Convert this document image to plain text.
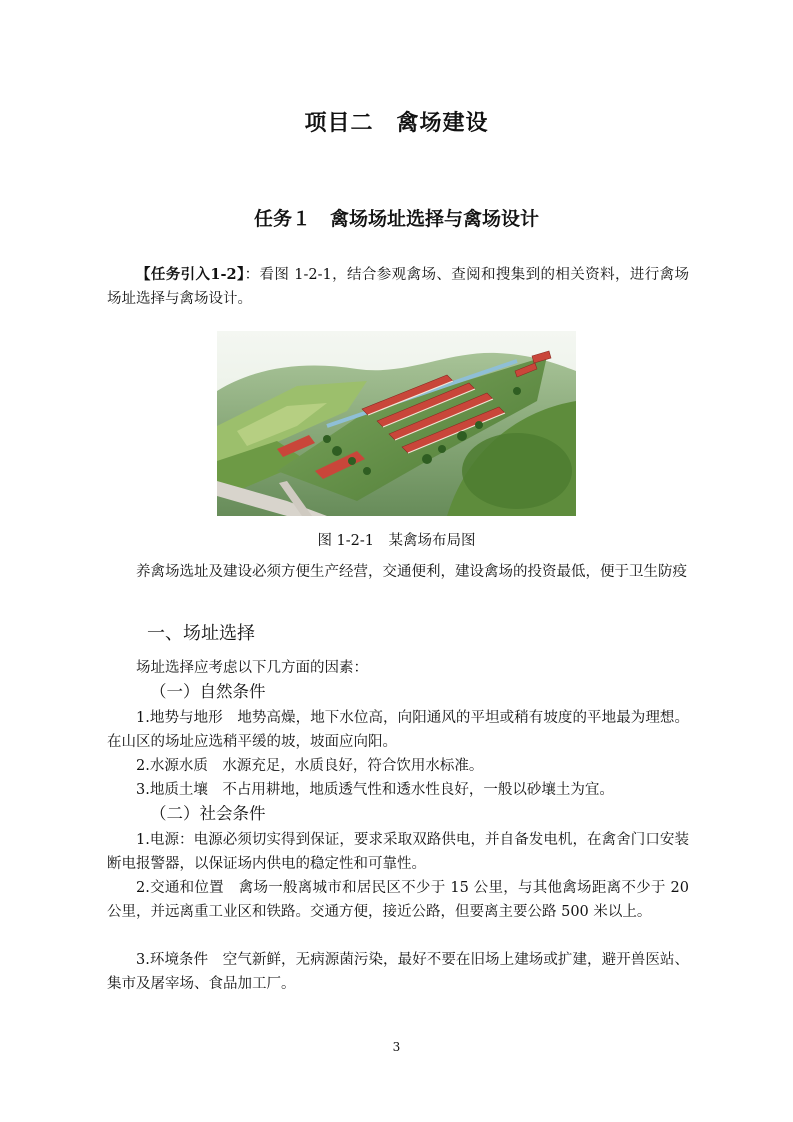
项目二　禽场建设
任务１　禽场场址选择与禽场设计
【任务引入1-2】：看图 1-2-1，结合参观禽场、查阅和搜集到的相关资料，进行禽场场址选择与禽场设计。
图 1-2-1　某禽场布局图
养禽场选址及建设必须方便生产经营，交通便利，建设禽场的投资最低，便于卫生防疫
一、场址选择
场址选择应考虑以下几方面的因素：
（一）自然条件
1.地势与地形　地势高燥，地下水位高，向阳通风的平坦或稍有坡度的平地最为理想。在山区的场址应选稍平缓的坡，坡面应向阳。
2.水源水质　水源充足，水质良好，符合饮用水标准。
3.地质土壤　不占用耕地，地质透气性和透水性良好，一般以砂壤土为宜。
（二）社会条件
1.电源：电源必须切实得到保证，要求采取双路供电，并自备发电机，在禽舍门口安装断电报警器，以保证场内供电的稳定性和可靠性。
2.交通和位置　禽场一般离城市和居民区不少于 15 公里，与其他禽场距离不少于 20 公里，并远离重工业区和铁路。交通方便，接近公路，但要离主要公路 500 米以上。
3.环境条件　空气新鲜，无病源菌污染，最好不要在旧场上建场或扩建，避开兽医站、集市及屠宰场、食品加工厂。
3
